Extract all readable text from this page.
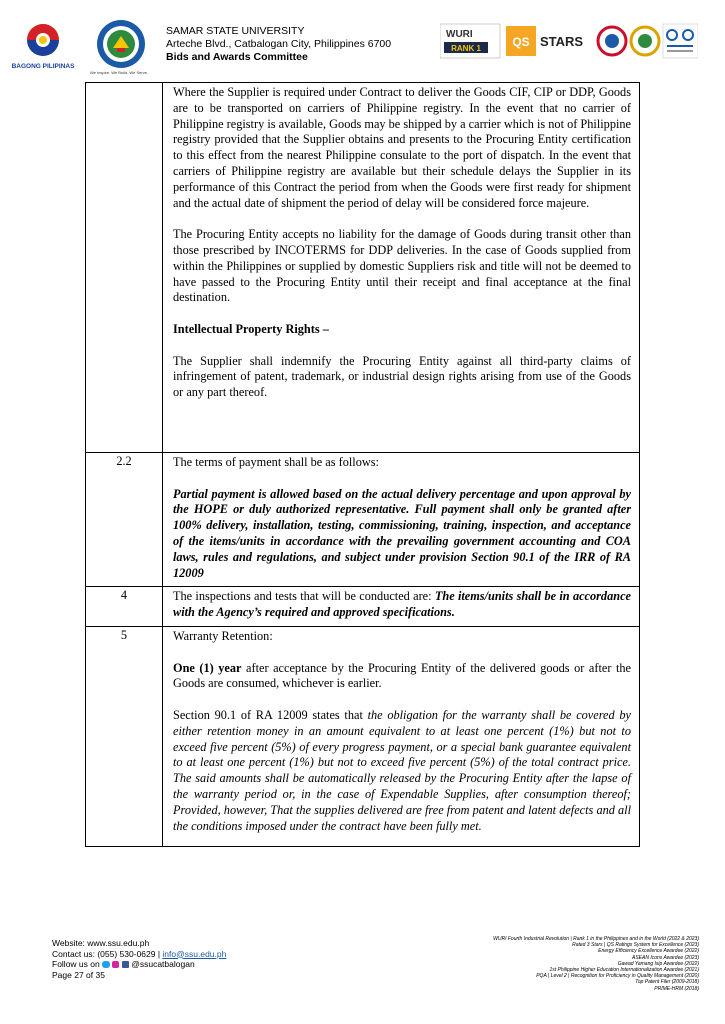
BAGONG PILIPINAS
We Inspire. We Build. We Serve.
SAMAR STATE UNIVERSITY
Arteche Blvd., Catbalogan City, Philippines 6700
Bids and Awards Committee
WURI
RANK 1	QS STARS

	Where the Supplier is required under Contract to deliver the Goods CIF, CIP or DDP, Goods are to be transported on carriers of Philippine registry. In the event that no carrier of Philippine registry is available, Goods may be shipped by a carrier which is not of Philippine registry provided that the Supplier obtains and presents to the Procuring Entity certification to this effect from the nearest Philippine consulate to the port of dispatch. In the event that carriers of Philippine registry are available but their schedule delays the Supplier in its performance of this Contract the period from when the Goods were first ready for shipment and the actual date of shipment the period of delay will be considered force majeure.

The Procuring Entity accepts no liability for the damage of Goods during transit other than those prescribed by INCOTERMS for DDP deliveries. In the case of Goods supplied from within the Philippines or supplied by domestic Suppliers risk and title will not be deemed to have passed to the Procuring Entity until their receipt and final acceptance at the final destination.

Intellectual Property Rights –

The Supplier shall indemnify the Procuring Entity against all third-party claims of infringement of patent, trademark, or industrial design rights arising from use of the Goods or any part thereof.

2.2	The terms of payment shall be as follows:

Partial payment is allowed based on the actual delivery percentage and upon approval by the HOPE or duly authorized representative. Full payment shall only be granted after 100% delivery, installation, testing, commissioning, training, inspection, and acceptance of the items/units in accordance with the prevailing government accounting and COA laws, rules and regulations, and subject under provision Section 90.1 of the IRR of RA 12009

4	The inspections and tests that will be conducted are: The items/units shall be in accordance with the Agency’s required and approved specifications.

5	Warranty Retention:

One (1) year after acceptance by the Procuring Entity of the delivered goods or after the Goods are consumed, whichever is earlier.

Section 90.1 of RA 12009 states that the obligation for the warranty shall be covered by either retention money in an amount equivalent to at least one percent (1%) but not to exceed five percent (5%) of every progress payment, or a special bank guarantee equivalent to at least one percent (1%) but not to exceed five percent (5%) of the total contract price. The said amounts shall be automatically released by the Procuring Entity after the lapse of the warranty period or, in the case of Expendable Supplies, after consumption thereof; Provided, however, That the supplies delivered are free from patent and latent defects and all the conditions imposed under the contract have been fully met.

Website: www.ssu.edu.ph
Contact us: (055) 530-0629 | info@ssu.edu.ph
Follow us on	@ssucatbalogan
Page 27 of 35
WURI Fourth Industrial Revolution | Rank 1 in the Philippines and in the World (2022 & 2023)
Rated 3 Stars | QS Ratings System for Excellence (2023)
Energy Efficiency Excellence Awardee (2022)
ASEAN Icons Awardee (2023)
Gawad Yamang Isip Awardee (2022)
1st Philippine Higher Education Internationalization Awardee (2021)
PQA | Level 2 | Recognition for Proficiency in Quality Management (2020)
Top Patent Filer (2009-2018)
PRIME-HRM (2018)
